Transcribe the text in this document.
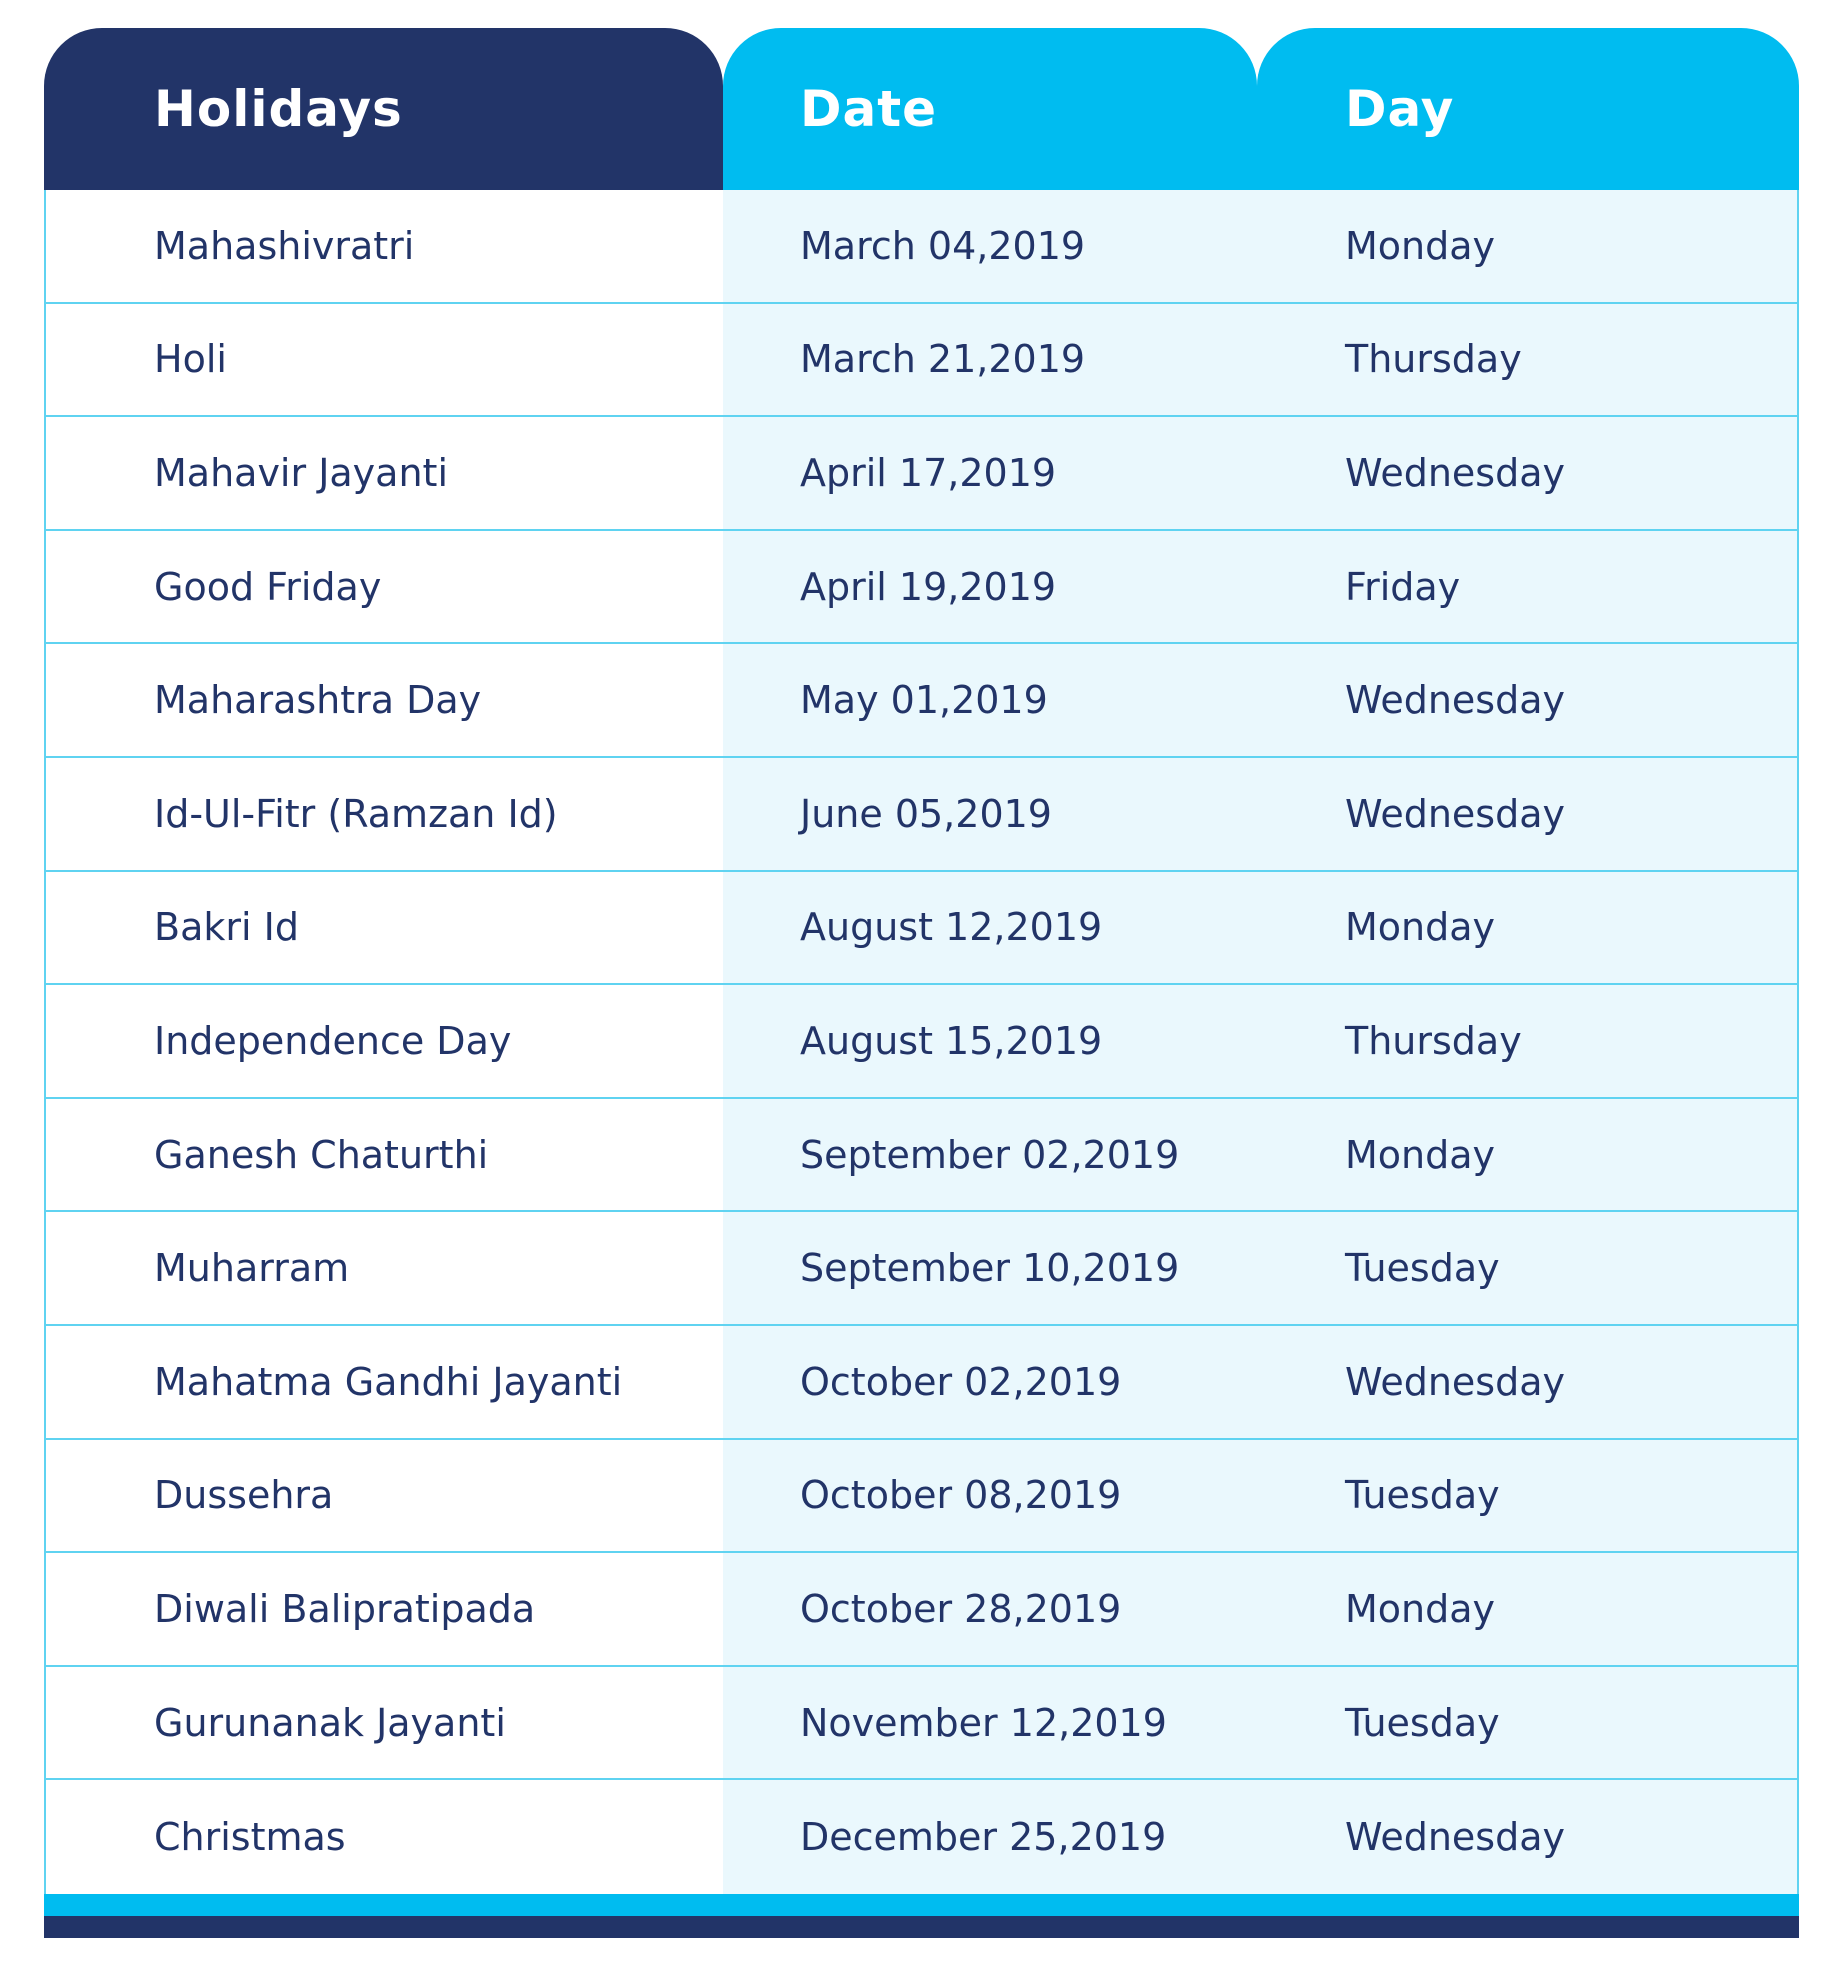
Holidays	Date	Day
Mahashivratri	March 04,2019	Monday
Holi	March 21,2019	Thursday
Mahavir Jayanti	April 17,2019	Wednesday
Good Friday	April 19,2019	Friday
Maharashtra Day	May 01,2019	Wednesday
Id-Ul-Fitr (Ramzan Id)	June 05,2019	Wednesday
Bakri Id	August 12,2019	Monday
Independence Day	August 15,2019	Thursday
Ganesh Chaturthi	September 02,2019	Monday
Muharram	September 10,2019	Tuesday
Mahatma Gandhi Jayanti	October 02,2019	Wednesday
Dussehra	October 08,2019	Tuesday
Diwali Balipratipada	October 28,2019	Monday
Gurunanak Jayanti	November 12,2019	Tuesday
Christmas	December 25,2019	Wednesday
